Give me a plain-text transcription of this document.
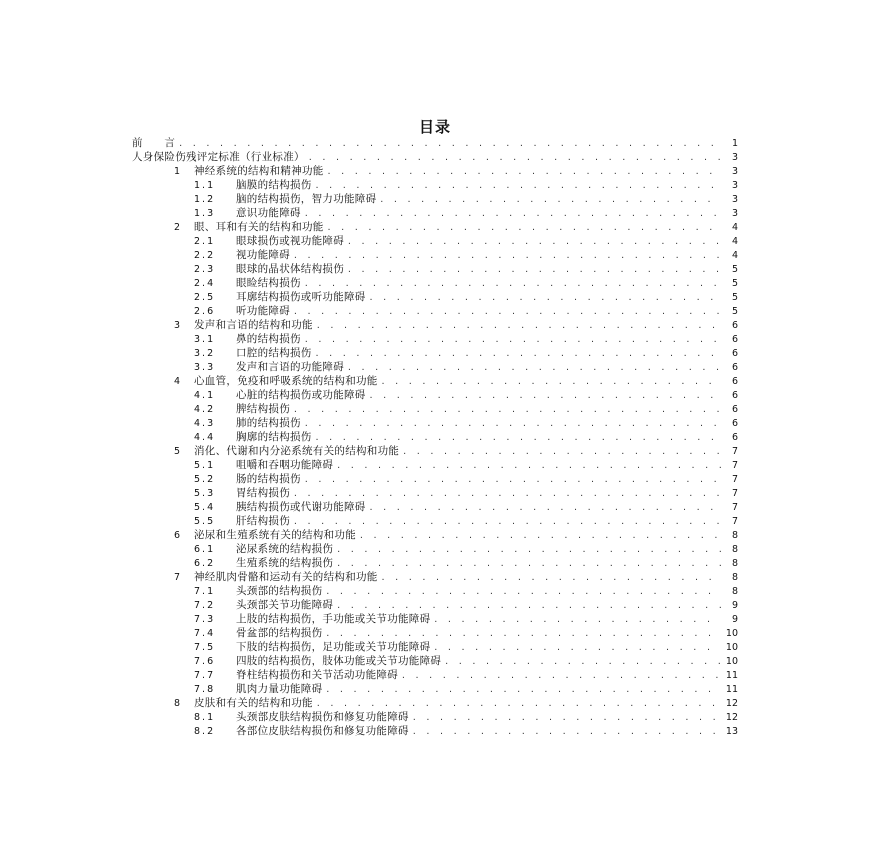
目录
前　　言 . . .	1
人身保险伤残评定标准（行业标准） . . .	3
1	神经系统的结构和精神功能 . . .	3
1.1	脑膜的结构损伤 . . .	3
1.2	脑的结构损伤，智力功能障碍 . . .	3
1.3	意识功能障碍 . . .	3
2	眼、耳和有关的结构和功能 . . .	4
2.1	眼球损伤或视功能障碍 . . .	4
2.2	视功能障碍 . . .	4
2.3	眼球的晶状体结构损伤 . . .	5
2.4	眼睑结构损伤 . . .	5
2.5	耳廓结构损伤或听功能障碍 . . .	5
2.6	听功能障碍 . . .	5
3	发声和言语的结构和功能 . . .	6
3.1	鼻的结构损伤 . . .	6
3.2	口腔的结构损伤 . . .	6
3.3	发声和言语的功能障碍 . . .	6
4	心血管，免疫和呼吸系统的结构和功能 . . .	6
4.1	心脏的结构损伤或功能障碍 . . .	6
4.2	脾结构损伤 . . .	6
4.3	肺的结构损伤 . . .	6
4.4	胸廓的结构损伤 . . .	6
5	消化、代谢和内分泌系统有关的结构和功能 . . .	7
5.1	咀嚼和吞咽功能障碍 . . .	7
5.2	肠的结构损伤 . . .	7
5.3	胃结构损伤 . . .	7
5.4	胰结构损伤或代谢功能障碍 . . .	7
5.5	肝结构损伤 . . .	7
6	泌尿和生殖系统有关的结构和功能 . . .	8
6.1	泌尿系统的结构损伤 . . .	8
6.2	生殖系统的结构损伤 . . .	8
7	神经肌肉骨骼和运动有关的结构和功能 . . .	8
7.1	头颈部的结构损伤 . . .	8
7.2	头颈部关节功能障碍 . . .	9
7.3	上肢的结构损伤，手功能或关节功能障碍 . . .	9
7.4	骨盆部的结构损伤 . . .	10
7.5	下肢的结构损伤，足功能或关节功能障碍 . . .	10
7.6	四肢的结构损伤，肢体功能或关节功能障碍 . . .	10
7.7	脊柱结构损伤和关节活动功能障碍 . . .	11
7.8	肌肉力量功能障碍 . . .	11
8	皮肤和有关的结构和功能 . . .	12
8.1	头颈部皮肤结构损伤和修复功能障碍 . . .	12
8.2	各部位皮肤结构损伤和修复功能障碍 . . .	13
